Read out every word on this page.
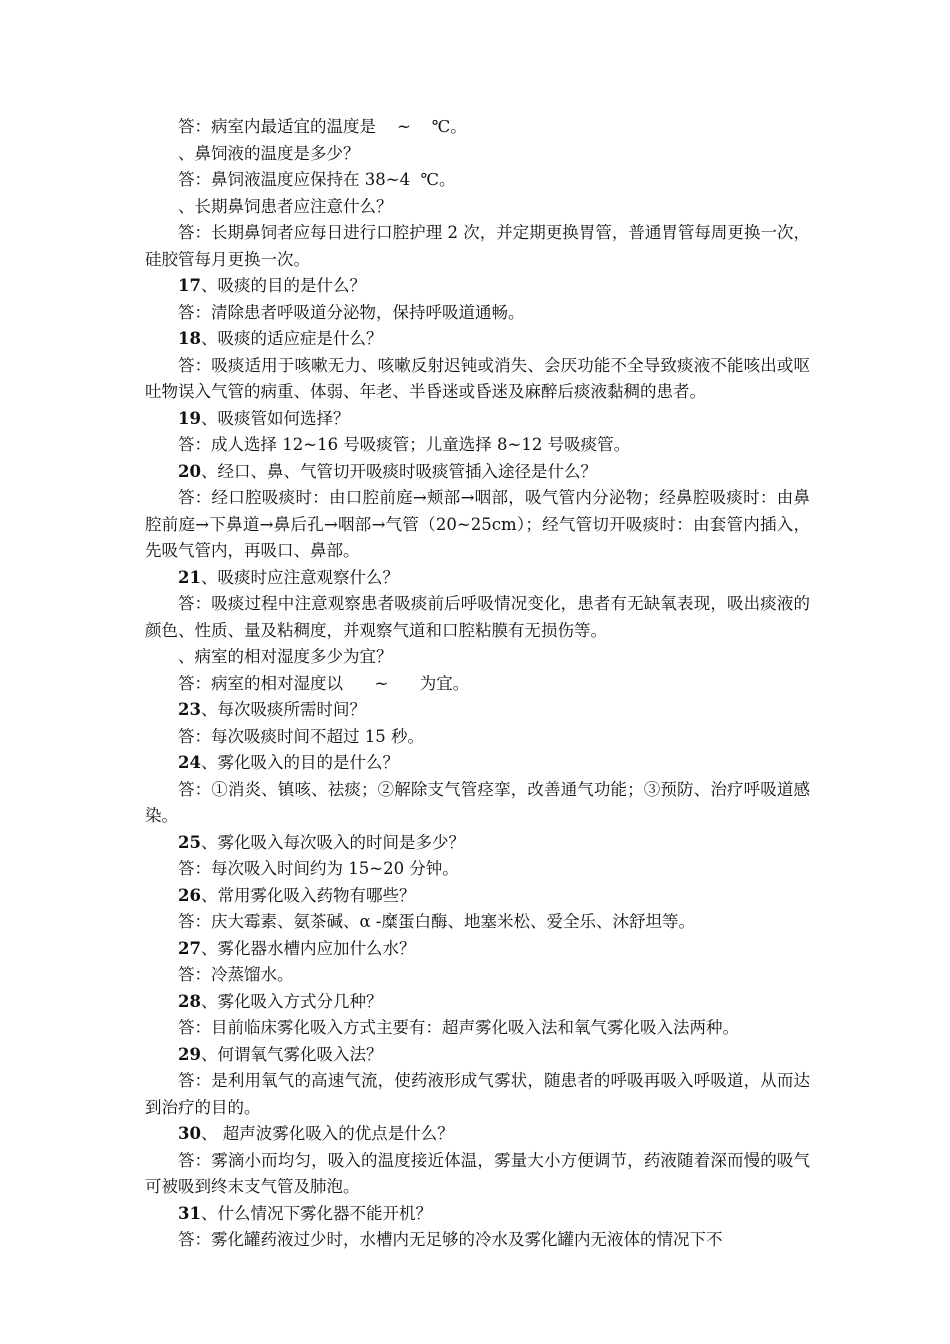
答：病室内最适宜的温度是    ~    ℃。

、鼻饲液的温度是多少？

答：鼻饲液温度应保持在 38~4  ℃。

、长期鼻饲患者应注意什么？

答：长期鼻饲者应每日进行口腔护理 2 次，并定期更换胃管，普通胃管每周更换一次，硅胶管每月更换一次。

17、吸痰的目的是什么？

答：清除患者呼吸道分泌物，保持呼吸道通畅。

18、吸痰的适应症是什么？

答：吸痰适用于咳嗽无力、咳嗽反射迟钝或消失、会厌功能不全导致痰液不能咳出或呕吐物误入气管的病重、体弱、年老、半昏迷或昏迷及麻醉后痰液黏稠的患者。

19、吸痰管如何选择？

答：成人选择 12~16 号吸痰管；儿童选择 8~12 号吸痰管。

20、经口、鼻、气管切开吸痰时吸痰管插入途径是什么？

答：经口腔吸痰时：由口腔前庭→颊部→咽部，吸气管内分泌物；经鼻腔吸痰时：由鼻腔前庭→下鼻道→鼻后孔→咽部→气管（20~25cm）；经气管切开吸痰时：由套管内插入，先吸气管内，再吸口、鼻部。

21、吸痰时应注意观察什么？

答：吸痰过程中注意观察患者吸痰前后呼吸情况变化，患者有无缺氧表现，吸出痰液的颜色、性质、量及粘稠度，并观察气道和口腔粘膜有无损伤等。

、病室的相对湿度多少为宜？

答：病室的相对湿度以      ~      为宜。

23、每次吸痰所需时间？

答：每次吸痰时间不超过 15 秒。

24、雾化吸入的目的是什么？

答：①消炎、镇咳、祛痰；②解除支气管痉挛，改善通气功能；③预防、治疗呼吸道感染。

25、雾化吸入每次吸入的时间是多少？

答：每次吸入时间约为 15~20 分钟。

26、常用雾化吸入药物有哪些？

答：庆大霉素、氨茶碱、α -糜蛋白酶、地塞米松、爱全乐、沐舒坦等。

27、雾化器水槽内应加什么水？

答：冷蒸馏水。

28、雾化吸入方式分几种？

答：目前临床雾化吸入方式主要有：超声雾化吸入法和氧气雾化吸入法两种。

29、何谓氧气雾化吸入法？

答：是利用氧气的高速气流，使药液形成气雾状，随患者的呼吸再吸入呼吸道，从而达到治疗的目的。

30、 超声波雾化吸入的优点是什么？

答：雾滴小而均匀，吸入的温度接近体温，雾量大小方便调节，药液随着深而慢的吸气可被吸到终末支气管及肺泡。

31、什么情况下雾化器不能开机？

答：雾化罐药液过少时，水槽内无足够的冷水及雾化罐内无液体的情况下不
